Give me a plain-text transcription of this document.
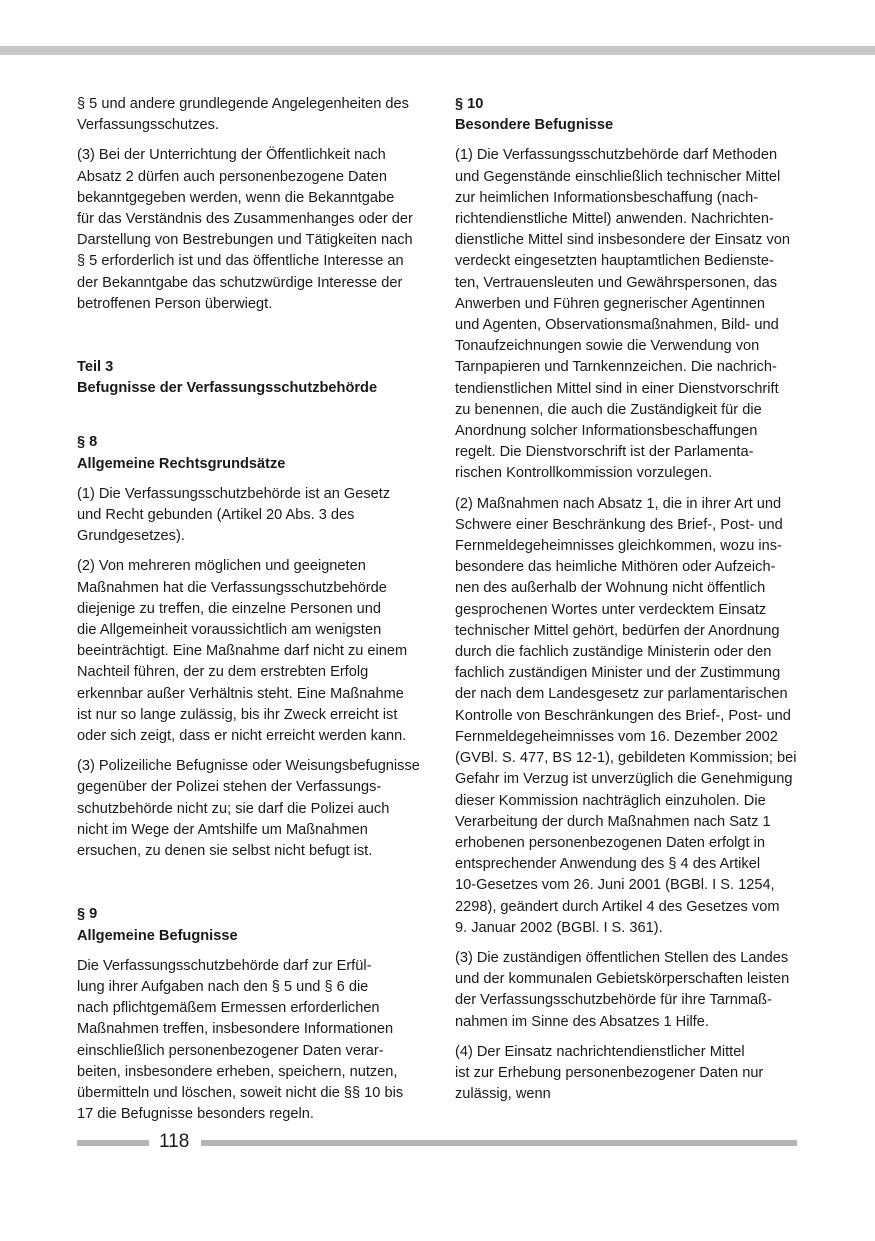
§ 5 und andere grundlegende Angelegenheiten des
Verfassungsschutzes.

(3) Bei der Unterrichtung der Öffentlichkeit nach
Absatz 2 dürfen auch personenbezogene Daten
bekanntgegeben werden, wenn die Bekanntgabe
für das Verständnis des Zusammenhanges oder der
Darstellung von Bestrebungen und Tätigkeiten nach
§ 5 erforderlich ist und das öffentliche Interesse an
der Bekanntgabe das schutzwürdige Interesse der
betroffenen Person überwiegt.

Teil 3
Befugnisse der Verfassungsschutzbehörde
§ 8
Allgemeine Rechtsgrundsätze

(1) Die Verfassungsschutzbehörde ist an Gesetz
und Recht gebunden (Artikel 20 Abs. 3 des
Grundgesetzes).

(2) Von mehreren möglichen und geeigneten
Maßnahmen hat die Verfassungsschutzbehörde
diejenige zu treffen, die einzelne Personen und
die Allgemeinheit voraussichtlich am wenigsten
beeinträchtigt. Eine Maßnahme darf nicht zu einem
Nachteil führen, der zu dem erstrebten Erfolg
erkennbar außer Verhältnis steht. Eine Maßnahme
ist nur so lange zulässig, bis ihr Zweck erreicht ist
oder sich zeigt, dass er nicht erreicht werden kann.

(3) Polizeiliche Befugnisse oder Weisungsbefugnisse
gegenüber der Polizei stehen der Verfassungs-
schutzbehörde nicht zu; sie darf die Polizei auch
nicht im Wege der Amtshilfe um Maßnahmen
ersuchen, zu denen sie selbst nicht befugt ist.

§ 9
Allgemeine Befugnisse

Die Verfassungsschutzbehörde darf zur Erfül-
lung ihrer Aufgaben nach den § 5 und § 6 die
nach pflichtgemäßem Ermessen erforderlichen
Maßnahmen treffen, insbesondere Informationen
einschließlich personenbezogener Daten verar-
beiten, insbesondere erheben, speichern, nutzen,
übermitteln und löschen, soweit nicht die §§ 10 bis
17 die Befugnisse besonders regeln.

§ 10
Besondere Befugnisse

(1) Die Verfassungsschutzbehörde darf Methoden
und Gegenstände einschließlich technischer Mittel
zur heimlichen Informationsbeschaffung (nach-
richtendienstliche Mittel) anwenden. Nachrichten-
dienstliche Mittel sind insbesondere der Einsatz von
verdeckt eingesetzten hauptamtlichen Bedienste-
ten, Vertrauensleuten und Gewährspersonen, das
Anwerben und Führen gegnerischer Agentinnen
und Agenten, Observationsmaßnahmen, Bild- und
Tonaufzeichnungen sowie die Verwendung von
Tarnpapieren und Tarnkennzeichen. Die nachrich-
tendienstlichen Mittel sind in einer Dienstvorschrift
zu benennen, die auch die Zuständigkeit für die
Anordnung solcher Informationsbeschaffungen
regelt. Die Dienstvorschrift ist der Parlamenta-
rischen Kontrollkommission vorzulegen.

(2) Maßnahmen nach Absatz 1, die in ihrer Art und
Schwere einer Beschränkung des Brief-, Post- und
Fernmeldegeheimnisses gleichkommen, wozu ins-
besondere das heimliche Mithören oder Aufzeich-
nen des außerhalb der Wohnung nicht öffentlich
gesprochenen Wortes unter verdecktem Einsatz
technischer Mittel gehört, bedürfen der Anordnung
durch die fachlich zuständige Ministerin oder den
fachlich zuständigen Minister und der Zustimmung
der nach dem Landesgesetz zur parlamentarischen
Kontrolle von Beschränkungen des Brief-, Post- und
Fernmeldegeheimnisses vom 16. Dezember 2002
(GVBl. S. 477, BS 12-1), gebildeten Kommission; bei
Gefahr im Verzug ist unverzüglich die Genehmigung
dieser Kommission nachträglich einzuholen. Die
Verarbeitung der durch Maßnahmen nach Satz 1
erhobenen personenbezogenen Daten erfolgt in
entsprechender Anwendung des § 4 des Artikel
10-Gesetzes vom 26. Juni 2001 (BGBl. I S. 1254,
2298), geändert durch Artikel 4 des Gesetzes vom
9. Januar 2002 (BGBl. I S. 361).

(3) Die zuständigen öffentlichen Stellen des Landes
und der kommunalen Gebietskörperschaften leisten
der Verfassungsschutzbehörde für ihre Tarnmaß-
nahmen im Sinne des Absatzes 1 Hilfe.

(4) Der Einsatz nachrichtendienstlicher Mittel
ist zur Erhebung personenbezogener Daten nur
zulässig, wenn

118
